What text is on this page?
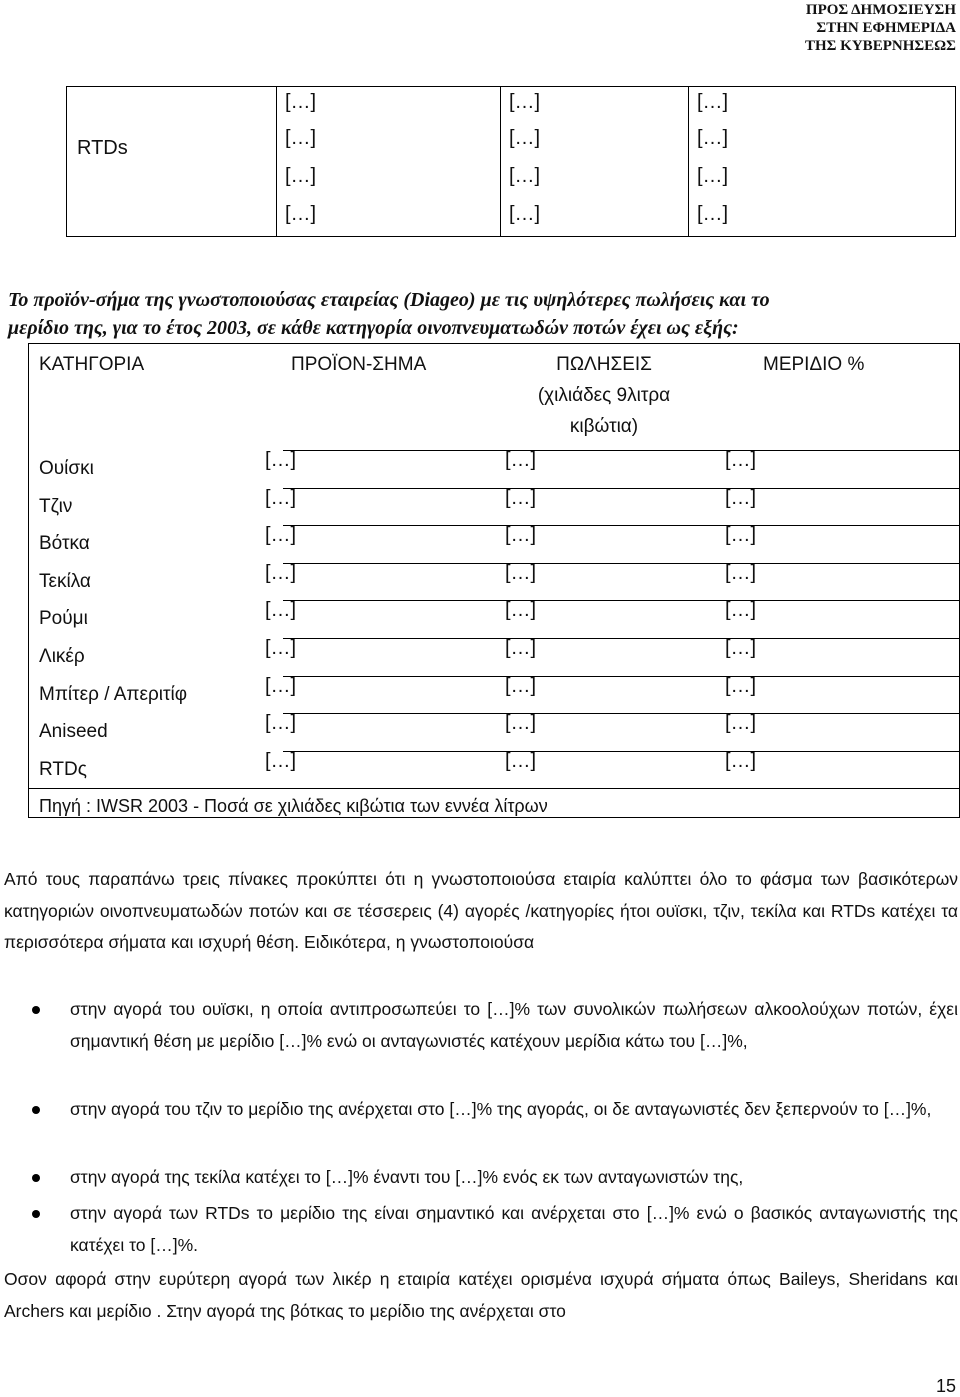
ΠΡΟΣ ΔΗΜΟΣΙΕΥΣΗ
ΣΤΗΝ ΕΦΗΜΕΡΙΔΑ
ΤΗΣ ΚΥΒΕΡΝΗΣΕΩΣ
RTDs
[…]	[…]	[…]
[…]	[…]	[…]
[…]	[…]	[…]
[…]	[…]	[…]
Το προϊόν-σήμα της γνωστοποιούσας εταιρείας (Diageo) με τις υψηλότερες πωλήσεις και το
μερίδιο της, για το έτος 2003, σε κάθε κατηγορία οινοπνευματωδών ποτών έχει ως εξής:
ΚΑΤΗΓΟΡΙΑ	ΠΡΟΪΟΝ-ΣΗΜΑ	ΠΩΛΗΣΕΙΣ
(χιλιάδες 9λιτρα
κιβώτια)
ΜΕΡΙΔΙΟ %
Ουίσκι	[…]	[…]	[…]
Τζιν	[…]	[…]	[…]
Βότκα	[…]	[…]	[…]
Τεκίλα	[…]	[…]	[…]
Ρούμι	[…]	[…]	[…]
Λικέρ	[…]	[…]	[…]
Μπίτερ / Απεριτίφ	[…]	[…]	[…]
Aniseed	[…]	[…]	[…]
RTDς	[…]	[…]	[…]
Πηγή : IWSR 2003 - Ποσά σε χιλιάδες κιβώτια των εννέα λίτρων
Από τους παραπάνω τρεις πίνακες προκύπτει ότι η γνωστοποιούσα εταιρία καλύπτει όλο το φάσμα των βασικότερων κατηγοριών οινοπνευματωδών ποτών και σε τέσσερεις (4) αγορές /κατηγορίες ήτοι ουϊσκι, τζιν, τεκίλα και RTDs κατέχει τα περισσότερα σήματα και ισχυρή θέση. Ειδικότερα, η γνωστοποιούσα
στην αγορά του ουϊσκι, η οποία αντιπροσωπεύει το […]% των συνολικών πωλήσεων αλκοολούχων ποτών, έχει σημαντική θέση με μερίδιο […]% ενώ οι ανταγωνιστές κατέχουν μερίδια κάτω του […]%,
στην αγορά του τζιν το μερίδιο της ανέρχεται στο […]% της αγοράς, οι δε ανταγωνιστές δεν ξεπερνούν το […]%,
στην αγορά της τεκίλα κατέχει το […]% έναντι του […]% ενός εκ των ανταγωνιστών της,
στην αγορά των RTDs το μερίδιο της είναι σημαντικό και ανέρχεται στο […]% ενώ ο βασικός ανταγωνιστής της κατέχει το […]%.
Οσον αφορά στην ευρύτερη αγορά των λικέρ η εταιρία κατέχει ορισμένα ισχυρά σήματα όπως Baileys, Sheridans και Archers και μερίδιο . Στην αγορά της βότκας το μερίδιο της ανέρχεται στο
15
